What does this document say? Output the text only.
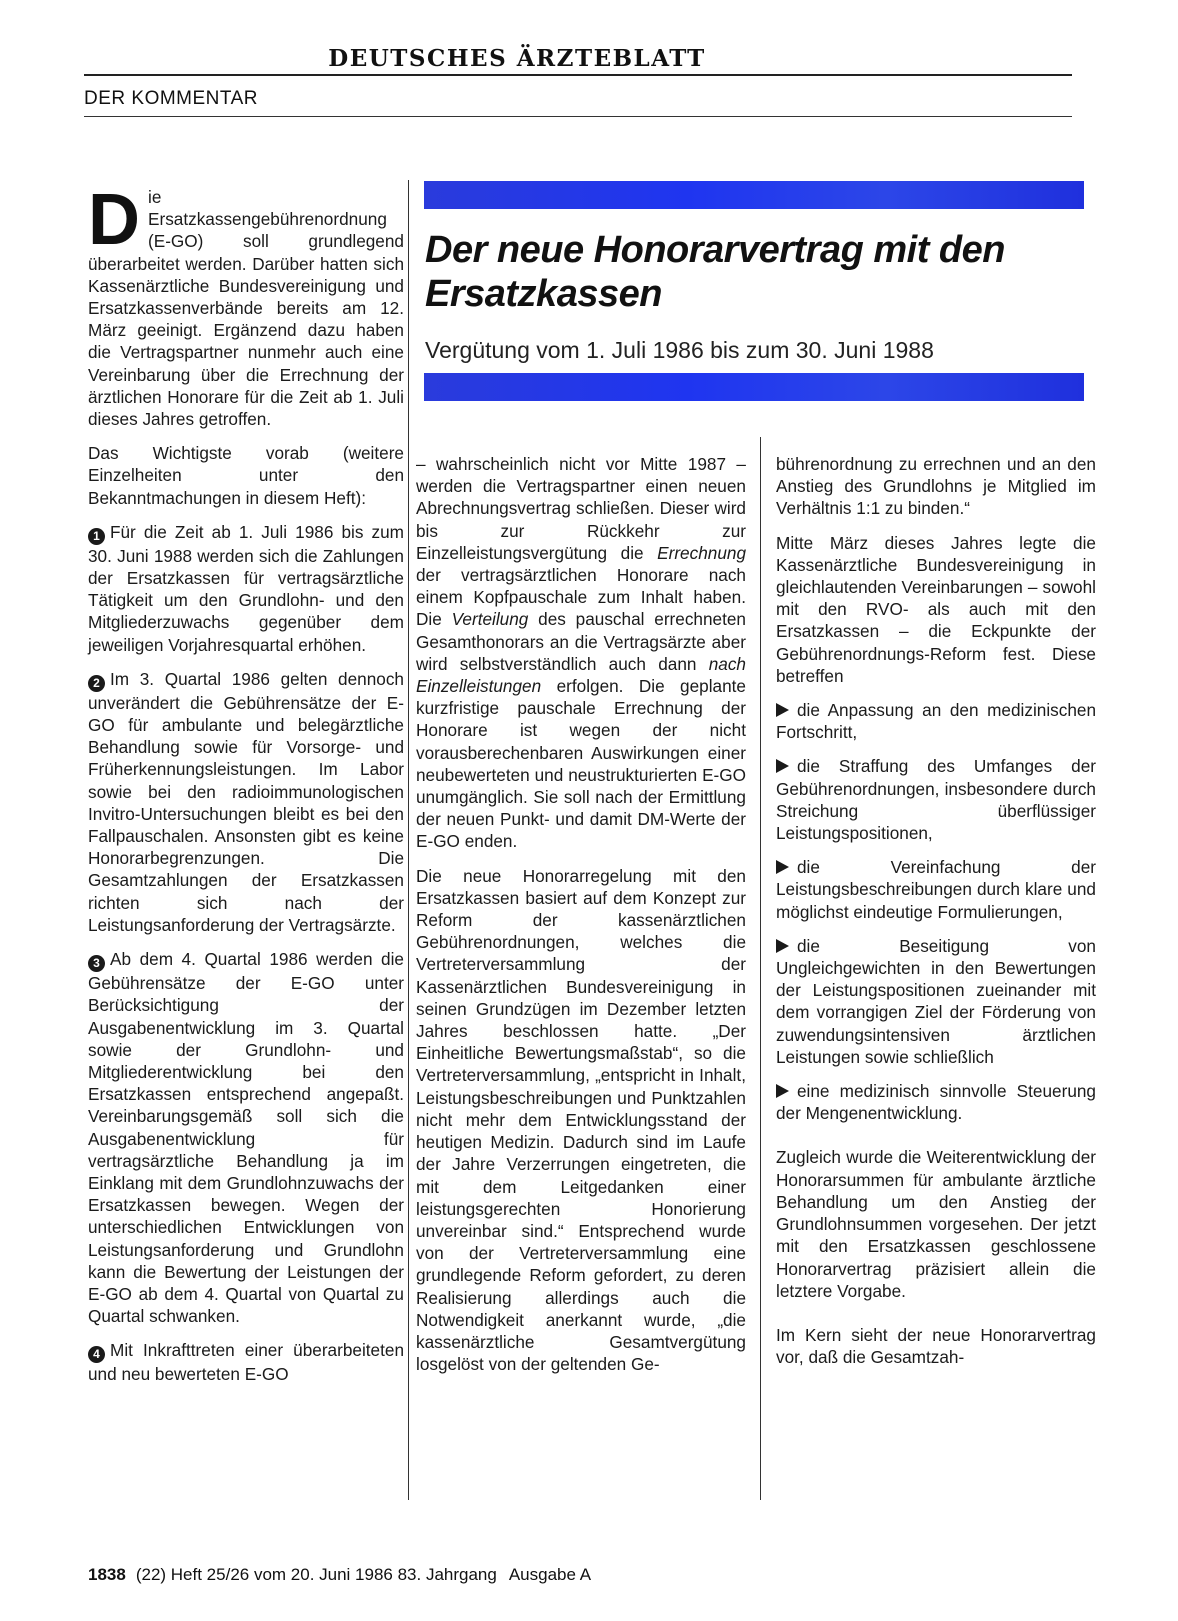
DEUTSCHES ÄRZTEBLATT
DER KOMMENTAR
Der neue Honorarvertrag mit den Ersatzkassen
Vergütung vom 1. Juli 1986 bis zum 30. Juni 1988

Die Ersatzkassengebührenordnung (E-GO) soll grundlegend überarbeitet werden. Darüber hatten sich Kassenärztliche Bundesvereinigung und Ersatzkassenverbände bereits am 12. März geeinigt. Ergänzend dazu haben die Vertragspartner nunmehr auch eine Vereinbarung über die Errechnung der ärztlichen Honorare für die Zeit ab 1. Juli dieses Jahres getroffen.

Das Wichtigste vorab (weitere Einzelheiten unter den Bekanntmachungen in diesem Heft):

1 Für die Zeit ab 1. Juli 1986 bis zum 30. Juni 1988 werden sich die Zahlungen der Ersatzkassen für vertragsärztliche Tätigkeit um den Grundlohn- und den Mitgliederzuwachs gegenüber dem jeweiligen Vorjahresquartal erhöhen.

2 Im 3. Quartal 1986 gelten dennoch unverändert die Gebührensätze der E-GO für ambulante und belegärztliche Behandlung sowie für Vorsorge- und Früherkennungsleistungen. Im Labor sowie bei den radioimmunologischen Invitro-Untersuchungen bleibt es bei den Fallpauschalen. Ansonsten gibt es keine Honorarbegrenzungen. Die Gesamtzahlungen der Ersatzkassen richten sich nach der Leistungsanforderung der Vertragsärzte.

3 Ab dem 4. Quartal 1986 werden die Gebührensätze der E-GO unter Berücksichtigung der Ausgabenentwicklung im 3. Quartal sowie der Grundlohn- und Mitgliederentwicklung bei den Ersatzkassen entsprechend angepaßt. Vereinbarungsgemäß soll sich die Ausgabenentwicklung für vertragsärztliche Behandlung ja im Einklang mit dem Grundlohnzuwachs der Ersatzkassen bewegen. Wegen der unterschiedlichen Entwicklungen von Leistungsanforderung und Grundlohn kann die Bewertung der Leistungen der E-GO ab dem 4. Quartal von Quartal zu Quartal schwanken.

4 Mit Inkrafttreten einer überarbeiteten und neu bewerteten E-GO

– wahrscheinlich nicht vor Mitte 1987 – werden die Vertragspartner einen neuen Abrechnungsvertrag schließen. Dieser wird bis zur Rückkehr zur Einzelleistungsvergütung die Errechnung der vertragsärztlichen Honorare nach einem Kopfpauschale zum Inhalt haben. Die Verteilung des pauschal errechneten Gesamthonorars an die Vertragsärzte aber wird selbstverständlich auch dann nach Einzelleistungen erfolgen. Die geplante kurzfristige pauschale Errechnung der Honorare ist wegen der nicht vorausberechenbaren Auswirkungen einer neubewerteten und neustrukturierten E-GO unumgänglich. Sie soll nach der Ermittlung der neuen Punkt- und damit DM-Werte der E-GO enden.

Die neue Honorarregelung mit den Ersatzkassen basiert auf dem Konzept zur Reform der kassenärztlichen Gebührenordnungen, welches die Vertreterversammlung der Kassenärztlichen Bundesvereinigung in seinen Grundzügen im Dezember letzten Jahres beschlossen hatte. „Der Einheitliche Bewertungsmaßstab“, so die Vertreterversammlung, „entspricht in Inhalt, Leistungsbeschreibungen und Punktzahlen nicht mehr dem Entwicklungsstand der heutigen Medizin. Dadurch sind im Laufe der Jahre Verzerrungen eingetreten, die mit dem Leitgedanken einer leistungsgerechten Honorierung unvereinbar sind.“ Entsprechend wurde von der Vertreterversammlung eine grundlegende Reform gefordert, zu deren Realisierung allerdings auch die Notwendigkeit anerkannt wurde, „die kassenärztliche Gesamtvergütung losgelöst von der geltenden Ge-

bührenordnung zu errechnen und an den Anstieg des Grundlohns je Mitglied im Verhältnis 1:1 zu binden.“

Mitte März dieses Jahres legte die Kassenärztliche Bundesvereinigung in gleichlautenden Vereinbarungen – sowohl mit den RVO- als auch mit den Ersatzkassen – die Eckpunkte der Gebührenordnungs-Reform fest. Diese betreffen

die Anpassung an den medizinischen Fortschritt,

die Straffung des Umfanges der Gebührenordnungen, insbesondere durch Streichung überflüssiger Leistungspositionen,

die Vereinfachung der Leistungsbeschreibungen durch klare und möglichst eindeutige Formulierungen,

die Beseitigung von Ungleichgewichten in den Bewertungen der Leistungspositionen zueinander mit dem vorrangigen Ziel der Förderung von zuwendungsintensiven ärztlichen Leistungen sowie schließlich

eine medizinisch sinnvolle Steuerung der Mengenentwicklung.

Zugleich wurde die Weiterentwicklung der Honorarsummen für ambulante ärztliche Behandlung um den Anstieg der Grundlohnsummen vorgesehen. Der jetzt mit den Ersatzkassen geschlossene Honorarvertrag präzisiert allein die letztere Vorgabe.

Im Kern sieht der neue Honorarvertrag vor, daß die Gesamtzah-

1838 (22) Heft 25/26 vom 20. Juni 1986 83. Jahrgang Ausgabe A
